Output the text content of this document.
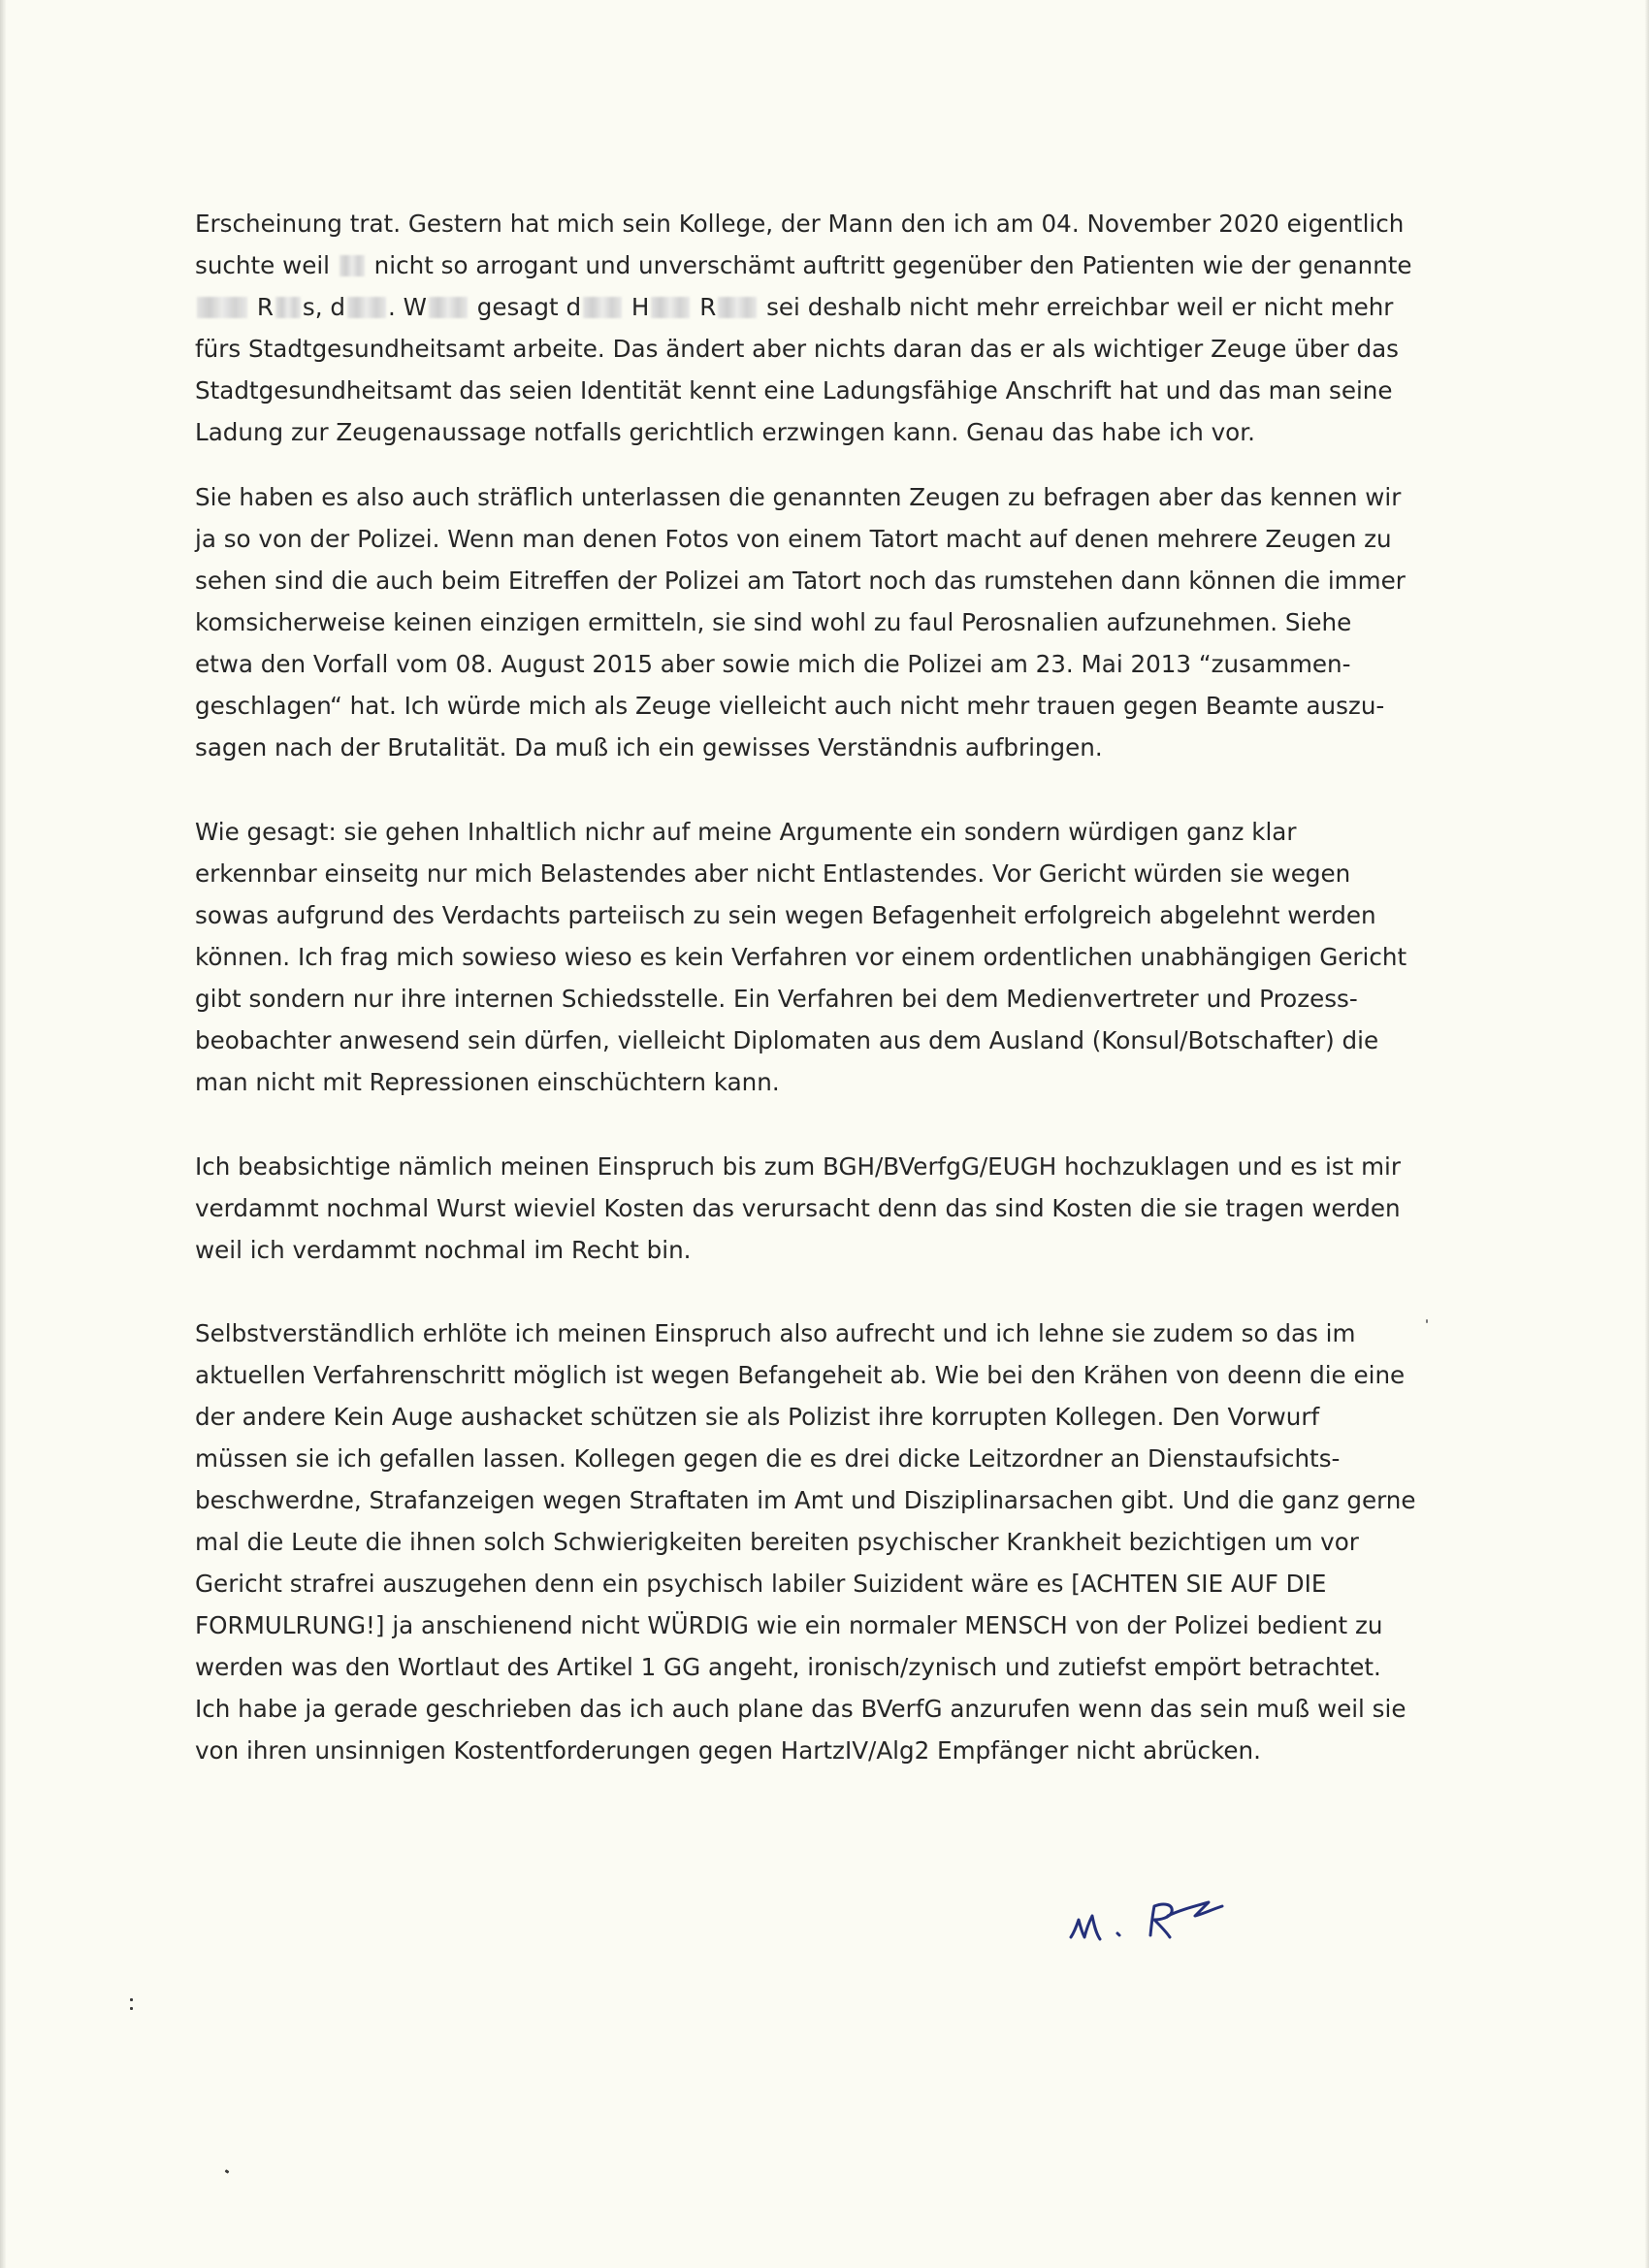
Erscheinung trat. Gestern hat mich sein Kollege, der Mann den ich am 04. November 2020 eigentlich
suchte weil  nicht so arrogant und unverschämt auftritt gegenüber den Patienten wie der genannte
R s, d . W gesagt d H R sei deshalb nicht mehr erreichbar weil er nicht mehr
fürs Stadtgesundheitsamt arbeite. Das ändert aber nichts daran das er als wichtiger Zeuge über das
Stadtgesundheitsamt das seien Identität kennt eine Ladungsfähige Anschrift hat und das man seine
Ladung zur Zeugenaussage notfalls gerichtlich erzwingen kann. Genau das habe ich vor.
Sie haben es also auch sträflich unterlassen die genannten Zeugen zu befragen aber das kennen wir
ja so von der Polizei. Wenn man denen Fotos von einem Tatort macht auf denen mehrere Zeugen zu
sehen sind die auch beim Eitreffen der Polizei am Tatort noch das rumstehen dann können die immer
komsicherweise keinen einzigen ermitteln, sie sind wohl zu faul Perosnalien aufzunehmen. Siehe
etwa den Vorfall vom 08. August 2015 aber sowie mich die Polizei am 23. Mai 2013 “zusammen-
geschlagen“ hat. Ich würde mich als Zeuge vielleicht auch nicht mehr trauen gegen Beamte auszu-
sagen nach der Brutalität. Da muß ich ein gewisses Verständnis aufbringen.
Wie gesagt: sie gehen Inhaltlich nichr auf meine Argumente ein sondern würdigen ganz klar
erkennbar einseitg nur mich Belastendes aber nicht Entlastendes. Vor Gericht würden sie wegen
sowas aufgrund des Verdachts parteiisch zu sein wegen Befagenheit erfolgreich abgelehnt werden
können. Ich frag mich sowieso wieso es kein Verfahren vor einem ordentlichen unabhängigen Gericht
gibt sondern nur ihre internen Schiedsstelle. Ein Verfahren bei dem Medienvertreter und Prozess-
beobachter anwesend sein dürfen, vielleicht Diplomaten aus dem Ausland (Konsul/Botschafter) die
man nicht mit Repressionen einschüchtern kann.
Ich beabsichtige nämlich meinen Einspruch bis zum BGH/BVerfgG/EUGH hochzuklagen und es ist mir
verdammt nochmal Wurst wieviel Kosten das verursacht denn das sind Kosten die sie tragen werden
weil ich verdammt nochmal im Recht bin.
Selbstverständlich erhlöte ich meinen Einspruch also aufrecht und ich lehne sie zudem so das im
aktuellen Verfahrenschritt möglich ist wegen Befangeheit ab. Wie bei den Krähen von deenn die eine
der andere Kein Auge aushacket schützen sie als Polizist ihre korrupten Kollegen. Den Vorwurf
müssen sie ich gefallen lassen. Kollegen gegen die es drei dicke Leitzordner an Dienstaufsichts-
beschwerdne, Strafanzeigen wegen Straftaten im Amt und Disziplinarsachen gibt. Und die ganz gerne
mal die Leute die ihnen solch Schwierigkeiten bereiten psychischer Krankheit bezichtigen um vor
Gericht strafrei auszugehen denn ein psychisch labiler Suizident wäre es [ACHTEN SIE AUF DIE
FORMULRUNG!] ja anschienend nicht WÜRDIG wie ein normaler MENSCH von der Polizei bedient zu
werden was den Wortlaut des Artikel 1 GG angeht, ironisch/zynisch und zutiefst empört betrachtet.
Ich habe ja gerade geschrieben das ich auch plane das BVerfG anzurufen wenn das sein muß weil sie
von ihren unsinnigen Kostentforderungen gegen HartzIV/Alg2 Empfänger nicht abrücken.
